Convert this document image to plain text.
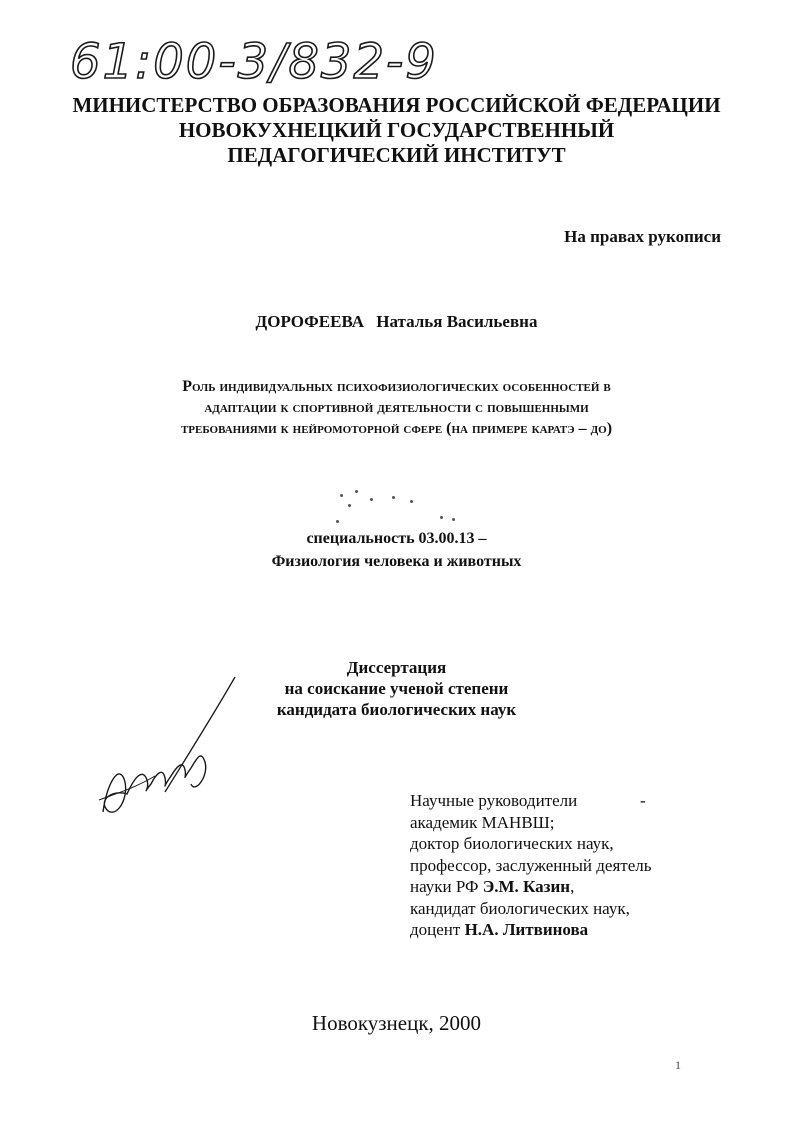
61:00-3/832-9
МИНИСТЕРСТВО ОБРАЗОВАНИЯ РОССИЙСКОЙ ФЕДЕРАЦИИ
НОВОКУХНЕЦКИЙ ГОСУДАРСТВЕННЫЙ
ПЕДАГОГИЧЕСКИЙ ИНСТИТУТ
На правах рукописи
ДОРОФЕЕВА Наталья Васильевна
Роль индивидуальных психофизиологических особенностей в
адаптации к спортивной деятельности с повышенными
требованиями к нейромоторной сфере (на примере каратэ – до)
специальность 03.00.13 –
Физиология человека и животных
Диссертация
на соискание ученой степени
кандидата биологических наук
Научные руководители	-
академик МАНВШ;
доктор биологических наук,
профессор, заслуженный деятель
науки РФ Э.М. Казин,
кандидат биологических наук,
доцент Н.А. Литвинова
Новокузнецк, 2000
1
